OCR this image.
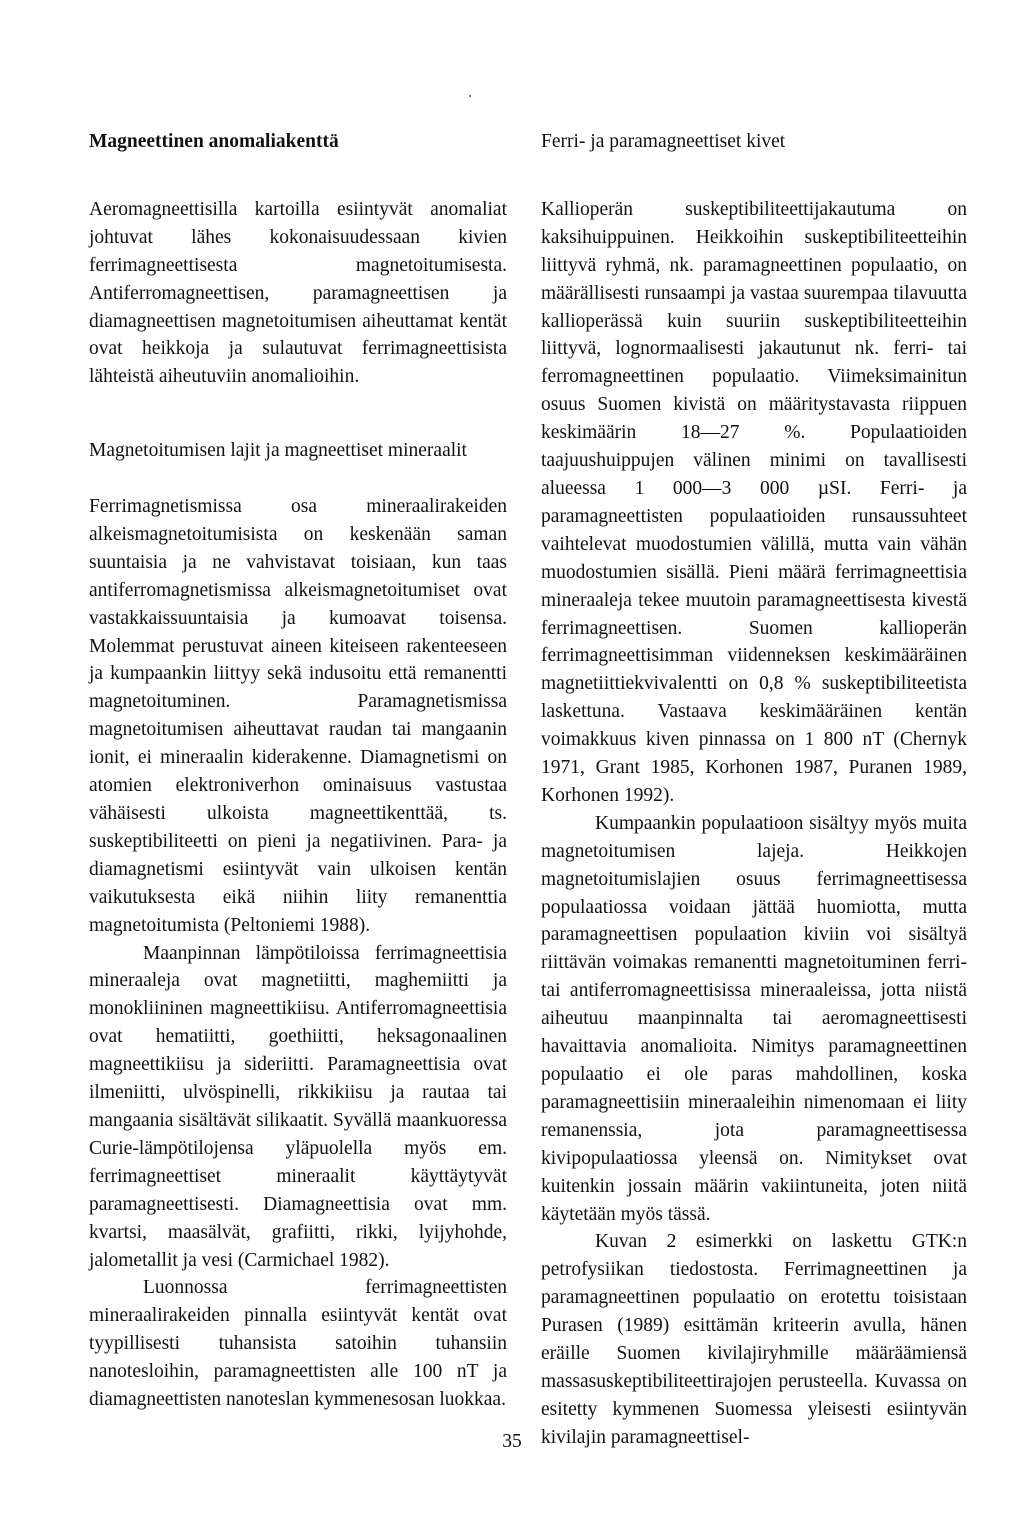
Magneettinen anomaliakenttä

Aeromagneettisilla kartoilla esiintyvät anomaliat johtuvat lähes kokonaisuudessaan kivien ferrimagneettisesta magnetoitumisesta. Antiferromagneettisen, paramagneettisen ja diamagneettisen magnetoitumisen aiheuttamat kentät ovat heikkoja ja sulautuvat ferrimagneettisista lähteistä aiheutuviin anomalioihin.

Magnetoitumisen lajit ja magneettiset mineraalit

Ferrimagnetismissa osa mineraalirakeiden alkeismagnetoitumisista on keskenään saman suuntaisia ja ne vahvistavat toisiaan, kun taas antiferromagnetismissa alkeismagnetoitumiset ovat vastakkaissuuntaisia ja kumoavat toisensa. Molemmat perustuvat aineen kiteiseen rakenteeseen ja kumpaankin liittyy sekä indusoitu että remanentti magnetoituminen. Paramagnetismissa magnetoitumisen aiheuttavat raudan tai mangaanin ionit, ei mineraalin kiderakenne. Diamagnetismi on atomien elektroniverhon ominaisuus vastustaa vähäisesti ulkoista magneettikenttää, ts. suskeptibiliteetti on pieni ja negatiivinen. Para- ja diamagnetismi esiintyvät vain ulkoisen kentän vaikutuksesta eikä niihin liity remanenttia magnetoitumista (Peltoniemi 1988).

Maanpinnan lämpötiloissa ferrimagneettisia mineraaleja ovat magnetiitti, maghemiitti ja monokliininen magneettikiisu. Antiferromagneettisia ovat hematiitti, goethiitti, heksagonaalinen magneettikiisu ja sideriitti. Paramagneettisia ovat ilmeniitti, ulvöspinelli, rikkikiisu ja rautaa tai mangaania sisältävät silikaatit. Syvällä maankuoressa Curie-lämpötilojensa yläpuolella myös em. ferrimagneettiset mineraalit käyttäytyvät paramagneettisesti. Diamagneettisia ovat mm. kvartsi, maasälvät, grafiitti, rikki, lyijyhohde, jalometallit ja vesi (Carmichael 1982).

Luonnossa ferrimagneettisten mineraalirakeiden pinnalla esiintyvät kentät ovat tyypillisesti tuhansista satoihin tuhansiin nanotesloihin, paramagneettisten alle 100 nT ja diamagneettisten nanoteslan kymmenesosan luokkaa.

Ferri- ja paramagneettiset kivet

Kallioperän suskeptibiliteettijakautuma on kaksihuippuinen. Heikkoihin suskeptibiliteetteihin liittyvä ryhmä, nk. paramagneettinen populaatio, on määrällisesti runsaampi ja vastaa suurempaa tilavuutta kallioperässä kuin suuriin suskeptibiliteetteihin liittyvä, lognormaalisesti jakautunut nk. ferri- tai ferromagneettinen populaatio. Viimeksimainitun osuus Suomen kivistä on määritystavasta riippuen keskimäärin 18—27 %. Populaatioiden taajuushuippujen välinen minimi on tavallisesti alueessa 1 000—3 000 µSI. Ferri- ja paramagneettisten populaatioiden runsaussuhteet vaihtelevat muodostumien välillä, mutta vain vähän muodostumien sisällä. Pieni määrä ferrimagneettisia mineraaleja tekee muutoin paramagneettisesta kivestä ferrimagneettisen. Suomen kallioperän ferrimagneettisimman viidenneksen keskimääräinen magnetiittiekvivalentti on 0,8 % suskeptibiliteetista laskettuna. Vastaava keskimääräinen kentän voimakkuus kiven pinnassa on 1 800 nT (Chernyk 1971, Grant 1985, Korhonen 1987, Puranen 1989, Korhonen 1992).

Kumpaankin populaatioon sisältyy myös muita magnetoitumisen lajeja. Heikkojen magnetoitumislajien osuus ferrimagneettisessa populaatiossa voidaan jättää huomiotta, mutta paramagneettisen populaation kiviin voi sisältyä riittävän voimakas remanentti magnetoituminen ferri- tai antiferromagneettisissa mineraaleissa, jotta niistä aiheutuu maanpinnalta tai aeromagneettisesti havaittavia anomalioita. Nimitys paramagneettinen populaatio ei ole paras mahdollinen, koska paramagneettisiin mineraaleihin nimenomaan ei liity remanenssia, jota paramagneettisessa kivipopulaatiossa yleensä on. Nimitykset ovat kuitenkin jossain määrin vakiintuneita, joten niitä käytetään myös tässä.

Kuvan 2 esimerkki on laskettu GTK:n petrofysiikan tiedostosta. Ferrimagneettinen ja paramagneettinen populaatio on erotettu toisistaan Purasen (1989) esittämän kriteerin avulla, hänen eräille Suomen kivilajiryhmille määräämiensä massasuskeptibiliteettirajojen perusteella. Kuvassa on esitetty kymmenen Suomessa yleisesti esiintyvän kivilajin paramagneettisel-

35
